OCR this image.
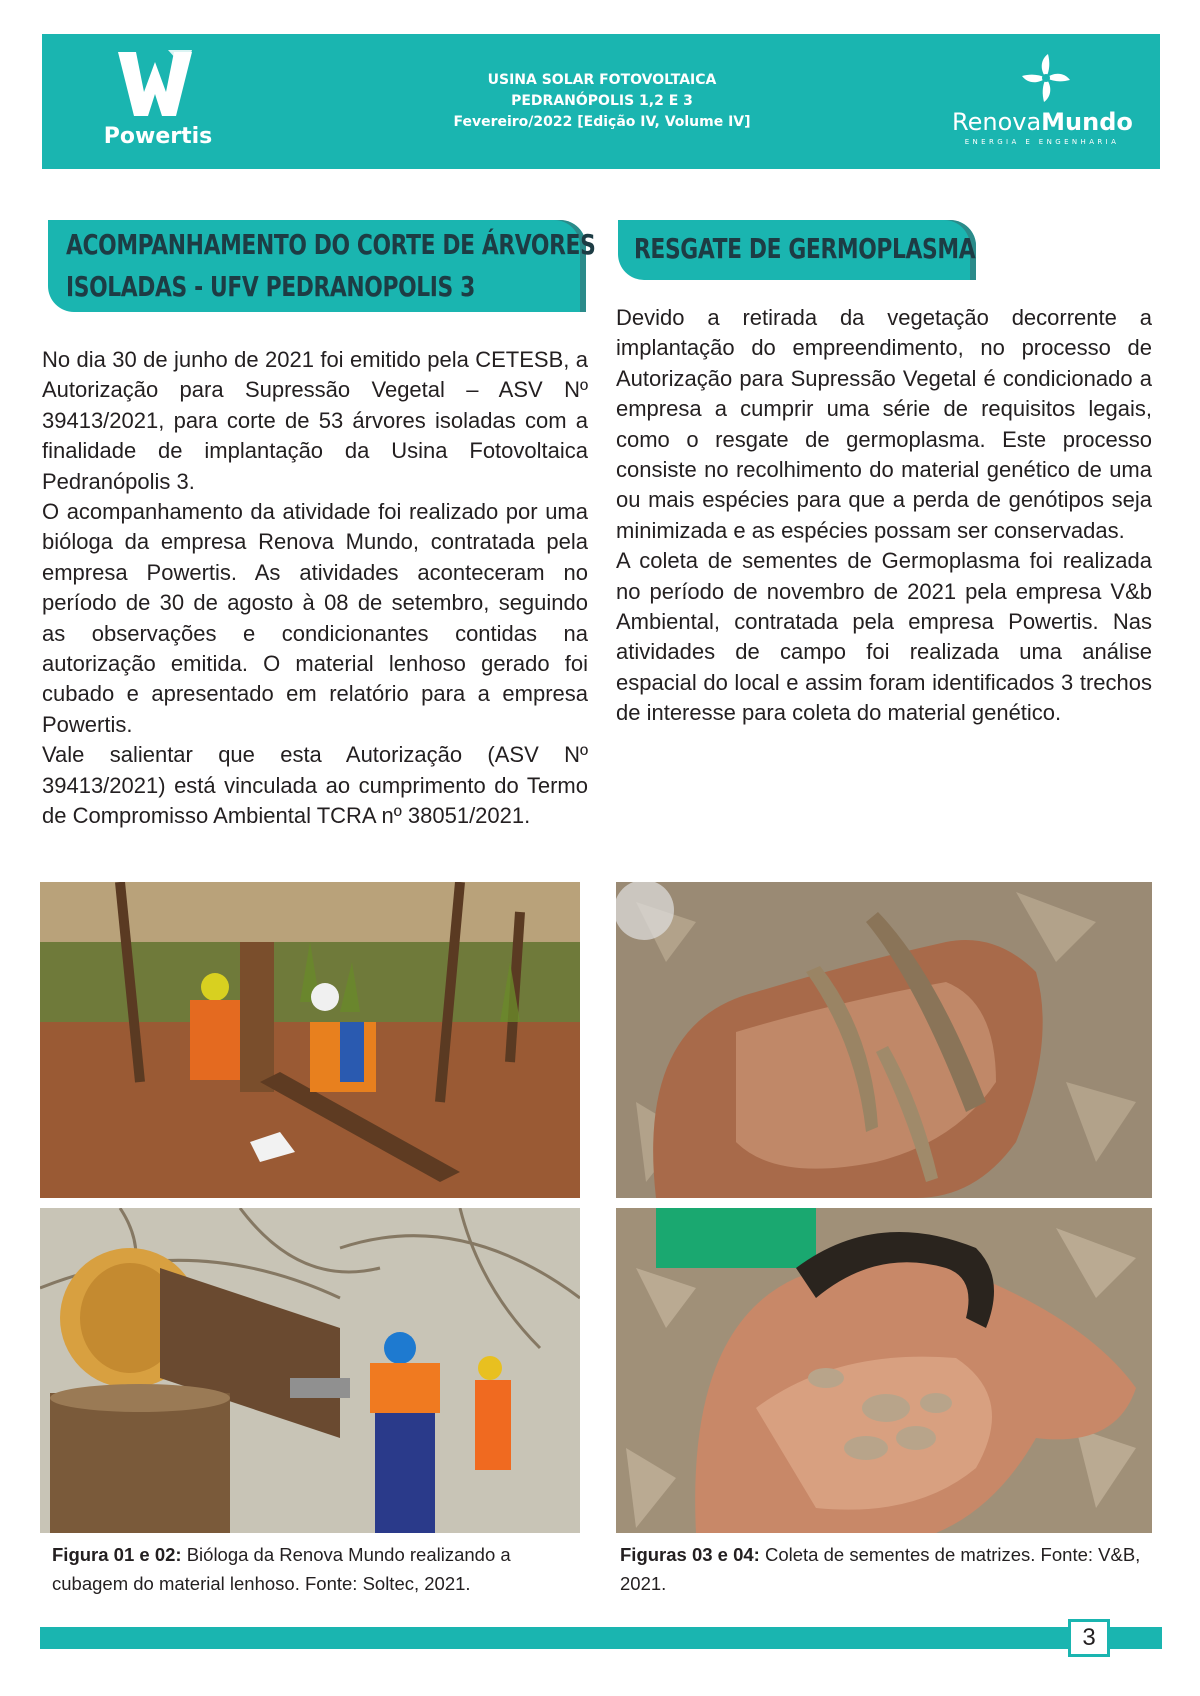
Powertis
USINA SOLAR FOTOVOLTAICA
PEDRANÓPOLIS 1,2 E 3
Fevereiro/2022 [Edição IV, Volume IV]	RenovaMundo
ENERGIA E ENGENHARIA
ACOMPANHAMENTO DO CORTE DE ÁRVORES
ISOLADAS - UFV PEDRANOPOLIS 3
RESGATE DE GERMOPLASMA

No dia 30 de junho de 2021 foi emitido pela CETESB, a Autorização para Supressão Vegetal – ASV Nº 39413/2021, para corte de 53 árvores isoladas com a finalidade de implantação da Usina Fotovoltaica Pedranópolis 3.

O acompanhamento da atividade foi realizado por uma bióloga da empresa Renova Mundo, contratada pela empresa Powertis. As atividades aconteceram no período de 30 de agosto à 08 de setembro, seguindo as observações e condicionantes contidas na autorização emitida. O material lenhoso gerado foi cubado e apresentado em relatório para a empresa Powertis.

Vale salientar que esta Autorização (ASV Nº 39413/2021) está vinculada ao cumprimento do Termo de Compromisso Ambiental TCRA nº 38051/2021.

Devido a retirada da vegetação decorrente a implantação do empreendimento, no processo de Autorização para Supressão Vegetal é condicionado a empresa a cumprir uma série de requisitos legais, como o resgate de germoplasma. Este processo consiste no recolhimento do material genético de uma ou mais espécies para que a perda de genótipos seja minimizada e as espécies possam ser conservadas.

A coleta de sementes de Germoplasma foi realizada no período de novembro de 2021 pela empresa V&b Ambiental, contratada pela empresa Powertis. Nas atividades de campo foi realizada uma análise espacial do local e assim foram identificados 3 trechos de interesse para coleta do material genético.

Figura 01 e 02: Bióloga da Renova Mundo realizando a cubagem do material lenhoso. Fonte: Soltec, 2021.
Figuras 03 e 04: Coleta de sementes de matrizes. Fonte: V&B, 2021.
3
